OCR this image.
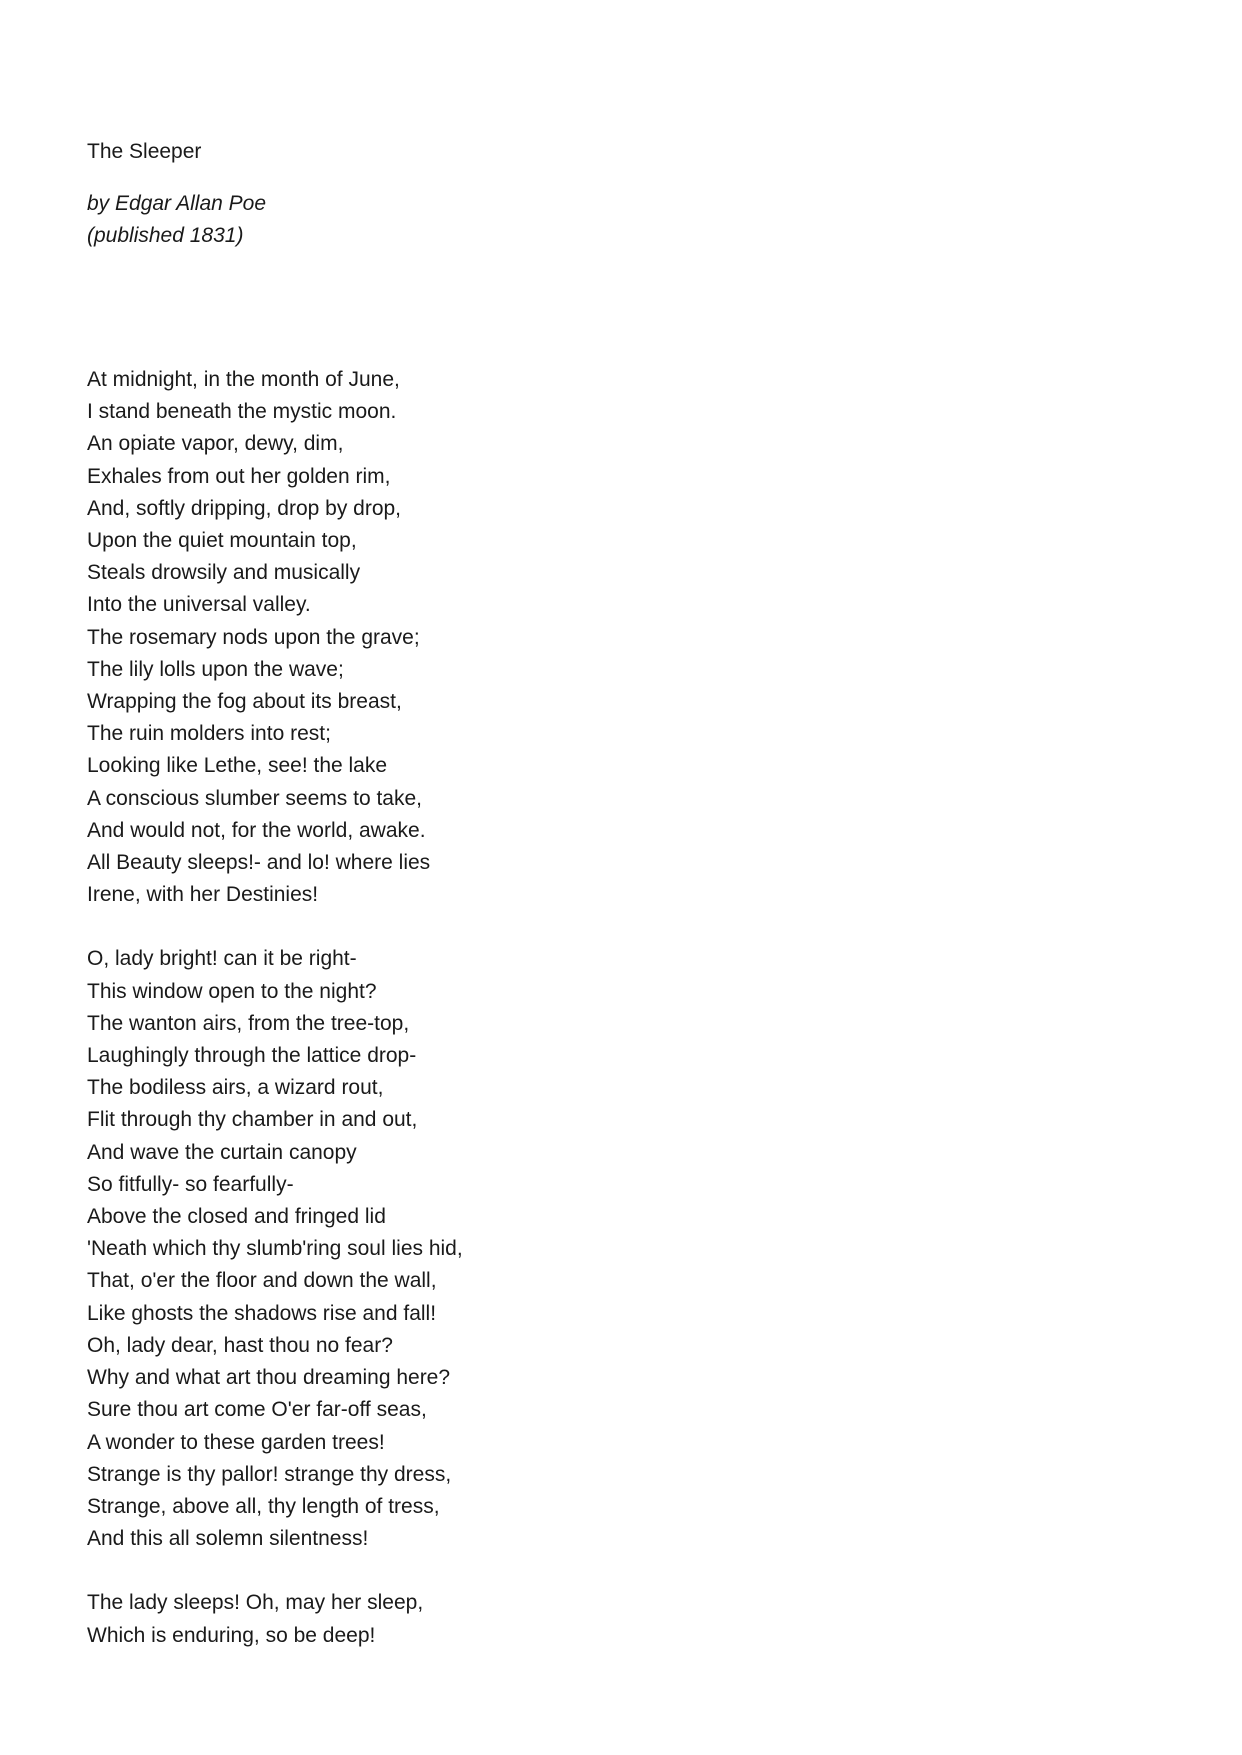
The Sleeper
by Edgar Allan Poe
(published 1831)
At midnight, in the month of June,
I stand beneath the mystic moon.
An opiate vapor, dewy, dim,
Exhales from out her golden rim,
And, softly dripping, drop by drop,
Upon the quiet mountain top,
Steals drowsily and musically
Into the universal valley.
The rosemary nods upon the grave;
The lily lolls upon the wave;
Wrapping the fog about its breast,
The ruin molders into rest;
Looking like Lethe, see! the lake
A conscious slumber seems to take,
And would not, for the world, awake.
All Beauty sleeps!- and lo! where lies
Irene, with her Destinies!
O, lady bright! can it be right-
This window open to the night?
The wanton airs, from the tree-top,
Laughingly through the lattice drop-
The bodiless airs, a wizard rout,
Flit through thy chamber in and out,
And wave the curtain canopy
So fitfully- so fearfully-
Above the closed and fringed lid
'Neath which thy slumb'ring soul lies hid,
That, o'er the floor and down the wall,
Like ghosts the shadows rise and fall!
Oh, lady dear, hast thou no fear?
Why and what art thou dreaming here?
Sure thou art come O'er far-off seas,
A wonder to these garden trees!
Strange is thy pallor! strange thy dress,
Strange, above all, thy length of tress,
And this all solemn silentness!
The lady sleeps! Oh, may her sleep,
Which is enduring, so be deep!
